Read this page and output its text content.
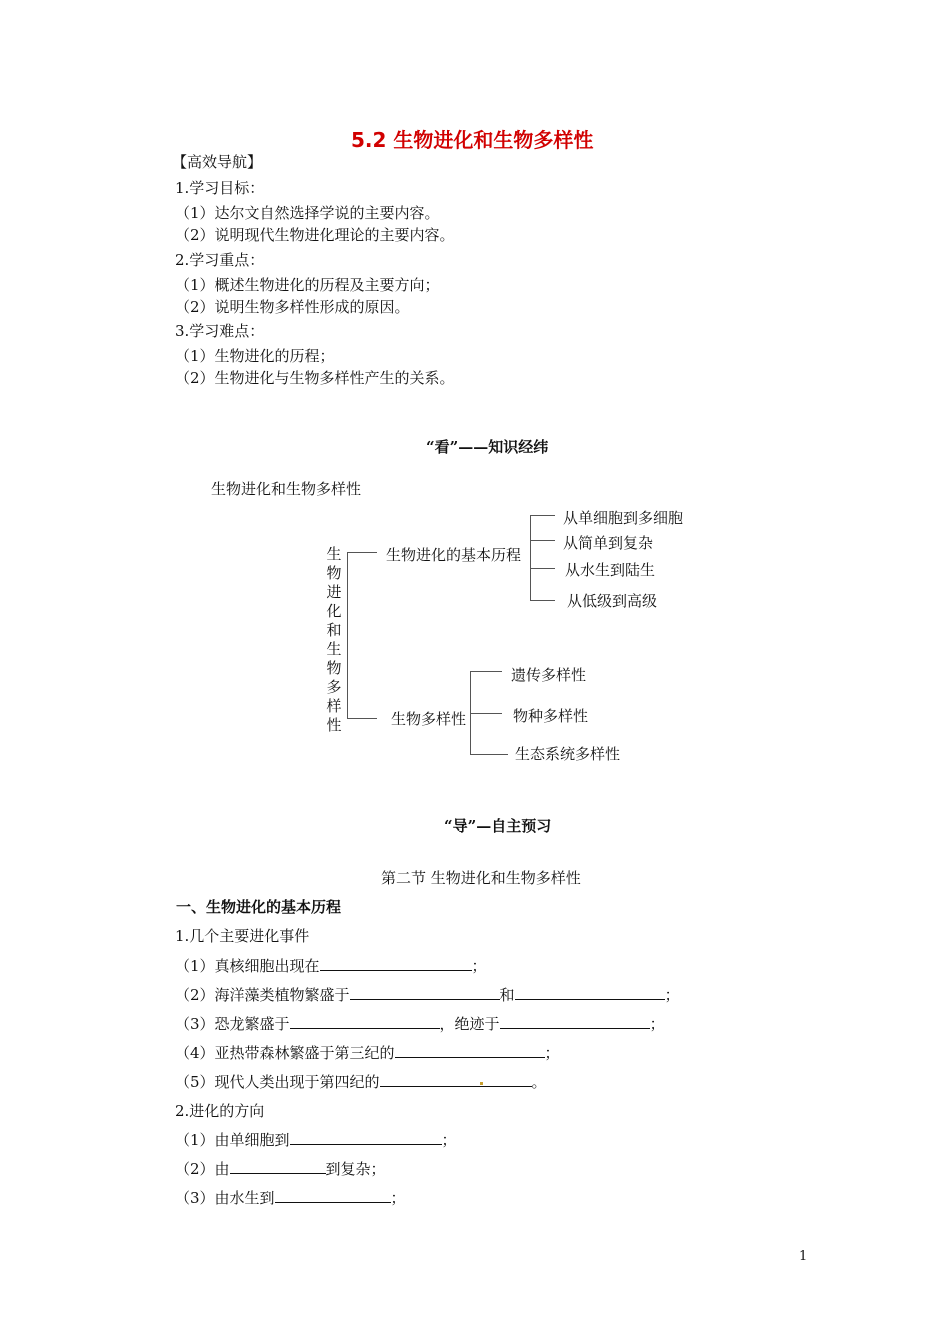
5.2 生物进化和生物多样性
【高效导航】
1.学习目标：
（1）达尔文自然选择学说的主要内容。
（2）说明现代生物进化理论的主要内容。
2.学习重点：
（1）概述生物进化的历程及主要方向；
（2）说明生物多样性形成的原因。
3.学习难点：
（1）生物进化的历程；
（2）生物进化与生物多样性产生的关系。
“看”——知识经纬
生物进化和生物多样性
生
物
进
化
和
生
物
多
样
性
生物进化的基本历程
生物多样性
从单细胞到多细胞
从简单到复杂
从水生到陆生
从低级到高级
遗传多样性
物种多样性
生态系统多样性
“导”—自主预习
第二节 生物进化和生物多样性
一、生物进化的基本历程
1.几个主要进化事件
（1）真核细胞出现在	；
（2）海洋藻类植物繁盛于	和	；
（3）恐龙繁盛于	，绝迹于	；
（4）亚热带森林繁盛于第三纪的	；
（5）现代人类出现于第四纪的	。
2.进化的方向
（1）由单细胞到	；
（2）由	到复杂；
（3）由水生到	；
1
